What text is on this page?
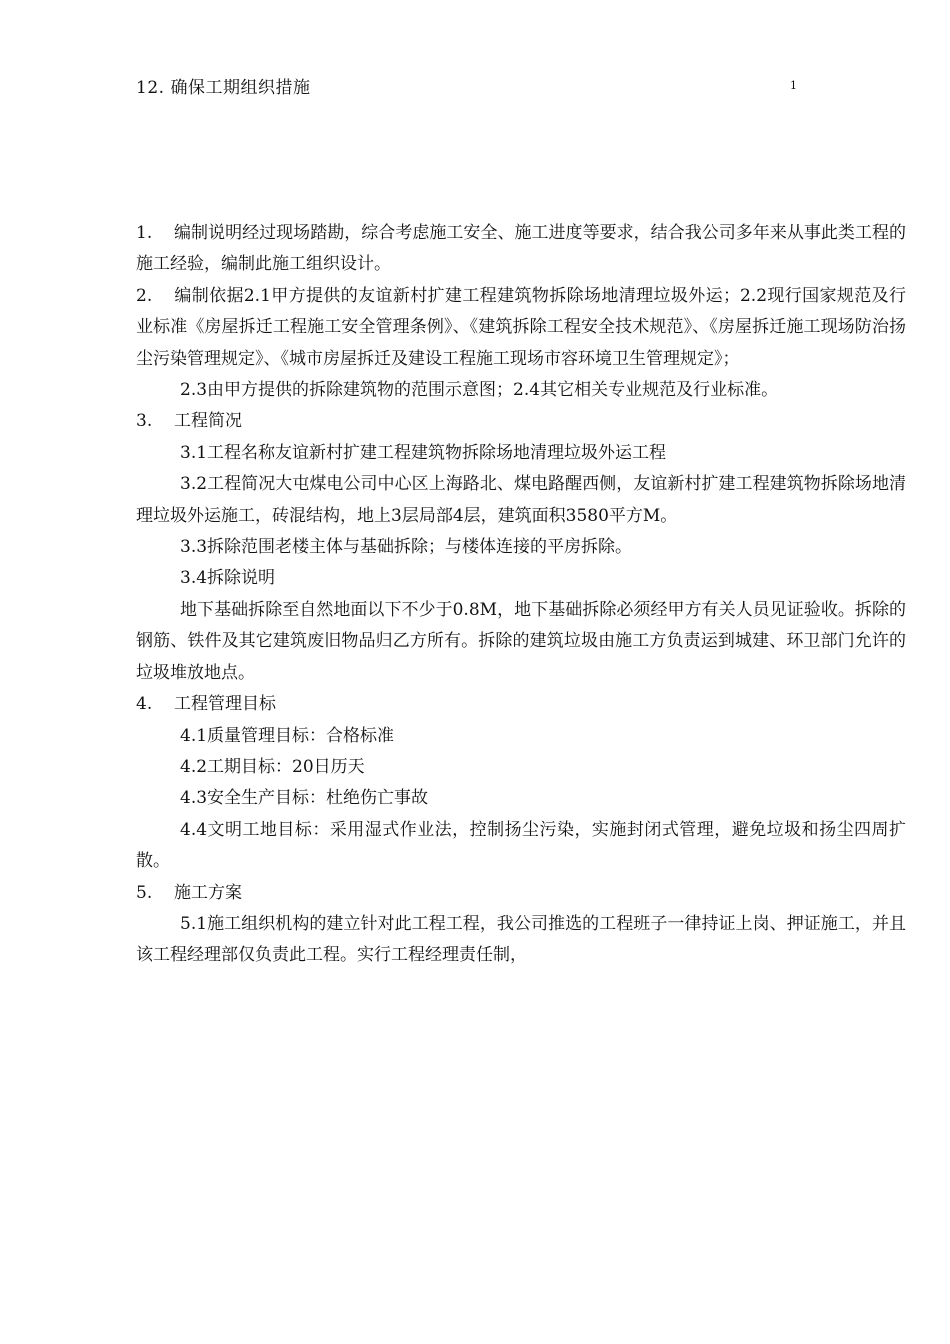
12. 确保工期组织措施	1

1. 编制说明经过现场踏勘，综合考虑施工安全、施工进度等要求，结合我公司多年来从事此类工程的施工经验，编制此施工组织设计。

2. 编制依据2.1甲方提供的友谊新村扩建工程建筑物拆除场地清理垃圾外运；2.2现行国家规范及行业标准《房屋拆迁工程施工安全管理条例》、《建筑拆除工程安全技术规范》、《房屋拆迁施工现场防治扬尘污染管理规定》、《城市房屋拆迁及建设工程施工现场市容环境卫生管理规定》；

2.3由甲方提供的拆除建筑物的范围示意图；2.4其它相关专业规范及行业标准。

3. 工程简况

3.1工程名称友谊新村扩建工程建筑物拆除场地清理垃圾外运工程

3.2工程简况大屯煤电公司中心区上海路北、煤电路醒西侧，友谊新村扩建工程建筑物拆除场地清理垃圾外运施工，砖混结构，地上3层局部4层，建筑面积3580平方M。

3.3拆除范围老楼主体与基础拆除；与楼体连接的平房拆除。

3.4拆除说明

地下基础拆除至自然地面以下不少于0.8M，地下基础拆除必须经甲方有关人员见证验收。拆除的钢筋、铁件及其它建筑废旧物品归乙方所有。拆除的建筑垃圾由施工方负责运到城建、环卫部门允许的垃圾堆放地点。

4. 工程管理目标

4.1质量管理目标：合格标准

4.2工期目标：20日历天

4.3安全生产目标：杜绝伤亡事故

4.4文明工地目标：采用湿式作业法，控制扬尘污染，实施封闭式管理，避免垃圾和扬尘四周扩散。

5. 施工方案

5.1施工组织机构的建立针对此工程工程，我公司推选的工程班子一律持证上岗、押证施工，并且该工程经理部仅负责此工程。实行工程经理责任制，
